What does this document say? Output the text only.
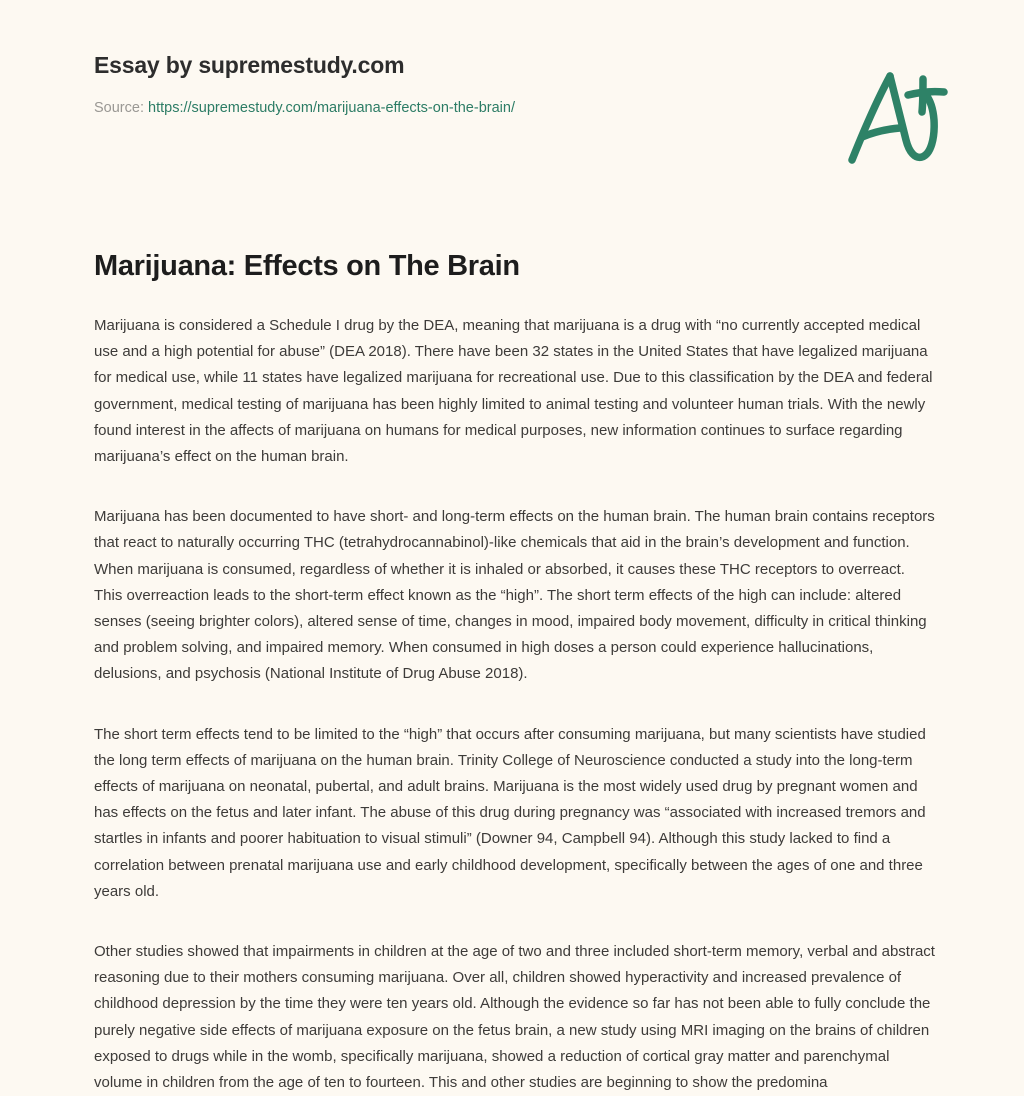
Essay by supremestudy.com
Source: https://supremestudy.com/marijuana-effects-on-the-brain/
Marijuana: Effects on The Brain

Marijuana is considered a Schedule I drug by the DEA, meaning that marijuana is a drug with “no currently accepted medical use and a high potential for abuse” (DEA 2018). There have been 32 states in the United States that have legalized marijuana for medical use, while 11 states have legalized marijuana for recreational use. Due to this classification by the DEA and federal government, medical testing of marijuana has been highly limited to animal testing and volunteer human trials. With the newly found interest in the affects of marijuana on humans for medical purposes, new information continues to surface regarding marijuana’s effect on the human brain.

Marijuana has been documented to have short- and long-term effects on the human brain. The human brain contains receptors that react to naturally occurring THC (tetrahydrocannabinol)-like chemicals that aid in the brain’s development and function. When marijuana is consumed, regardless of whether it is inhaled or absorbed, it causes these THC receptors to overreact. This overreaction leads to the short-term effect known as the “high”. The short term effects of the high can include: altered senses (seeing brighter colors), altered sense of time, changes in mood, impaired body movement, difficulty in critical thinking and problem solving, and impaired memory. When consumed in high doses a person could experience hallucinations, delusions, and psychosis (National Institute of Drug Abuse 2018).

The short term effects tend to be limited to the “high” that occurs after consuming marijuana, but many scientists have studied the long term effects of marijuana on the human brain. Trinity College of Neuroscience conducted a study into the long-term effects of marijuana on neonatal, pubertal, and adult brains. Marijuana is the most widely used drug by pregnant women and has effects on the fetus and later infant. The abuse of this drug during pregnancy was “associated with increased tremors and startles in infants and poorer habituation to visual stimuli” (Downer 94, Campbell 94). Although this study lacked to find a correlation between prenatal marijuana use and early childhood development, specifically between the ages of one and three years old.

Other studies showed that impairments in children at the age of two and three included short-term memory, verbal and abstract reasoning due to their mothers consuming marijuana. Over all, children showed hyperactivity and increased prevalence of childhood depression by the time they were ten years old. Although the evidence so far has not been able to fully conclude the purely negative side effects of marijuana exposure on the fetus brain, a new study using MRI imaging on the brains of children exposed to drugs while in the womb, specifically marijuana, showed a reduction of cortical gray matter and parenchymal volume in children from the age of ten to fourteen. This and other studies are beginning to show the predomina
